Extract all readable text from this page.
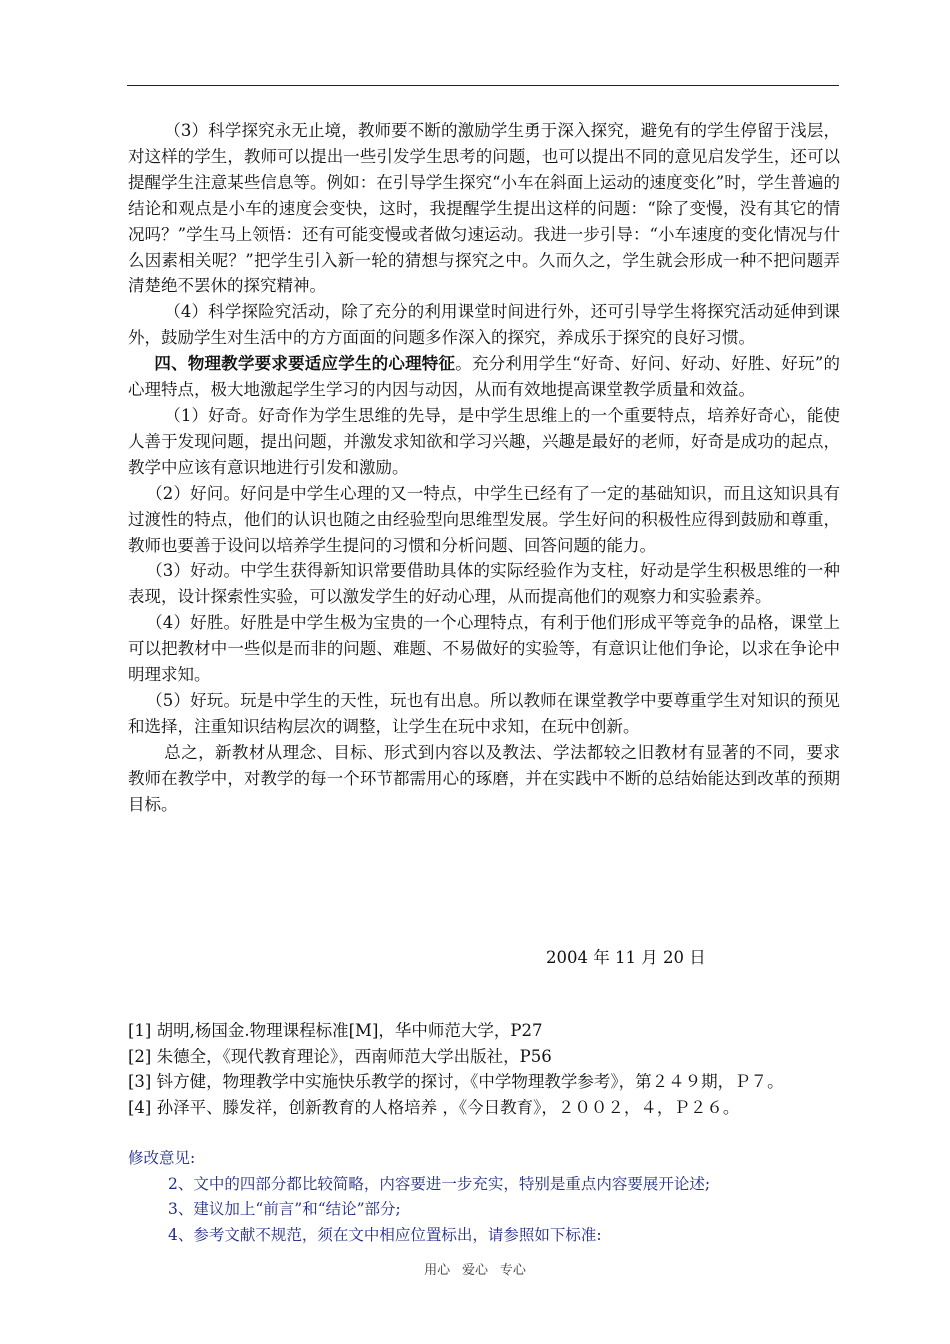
（3）科学探究永无止境，教师要不断的激励学生勇于深入探究，避免有的学生停留于浅层，对这样的学生，教师可以提出一些引发学生思考的问题，也可以提出不同的意见启发学生，还可以提醒学生注意某些信息等。例如：在引导学生探究“小车在斜面上运动的速度变化”时，学生普遍的结论和观点是小车的速度会变快，这时，我提醒学生提出这样的问题：“除了变慢，没有其它的情况吗？”学生马上领悟：还有可能变慢或者做匀速运动。我进一步引导：“小车速度的变化情况与什么因素相关呢？”把学生引入新一轮的猜想与探究之中。久而久之，学生就会形成一种不把问题弄清楚绝不罢休的探究精神。

（4）科学探险究活动，除了充分的利用课堂时间进行外，还可引导学生将探究活动延伸到课外，鼓励学生对生活中的方方面面的问题多作深入的探究，养成乐于探究的良好习惯。

四、物理教学要求要适应学生的心理特征。充分利用学生“好奇、好问、好动、好胜、好玩”的心理特点，极大地激起学生学习的内因与动因，从而有效地提高课堂教学质量和效益。

（1）好奇。好奇作为学生思维的先导，是中学生思维上的一个重要特点，培养好奇心，能使人善于发现问题，提出问题，并激发求知欲和学习兴趣，兴趣是最好的老师，好奇是成功的起点，教学中应该有意识地进行引发和激励。

（2）好问。好问是中学生心理的又一特点，中学生已经有了一定的基础知识，而且这知识具有过渡性的特点，他们的认识也随之由经验型向思维型发展。学生好问的积极性应得到鼓励和尊重，教师也要善于设问以培养学生提问的习惯和分析问题、回答问题的能力。

（3）好动。中学生获得新知识常要借助具体的实际经验作为支柱，好动是学生积极思维的一种表现，设计探索性实验，可以激发学生的好动心理，从而提高他们的观察力和实验素养。

（4）好胜。好胜是中学生极为宝贵的一个心理特点，有利于他们形成平等竞争的品格，课堂上可以把教材中一些似是而非的问题、难题、不易做好的实验等，有意识让他们争论，以求在争论中明理求知。

（5）好玩。玩是中学生的天性，玩也有出息。所以教师在课堂教学中要尊重学生对知识的预见和选择，注重知识结构层次的调整，让学生在玩中求知，在玩中创新。

总之，新教材从理念、目标、形式到内容以及教法、学法都较之旧教材有显著的不同，要求教师在教学中，对教学的每一个环节都需用心的琢磨，并在实践中不断的总结始能达到改革的预期目标。

2004 年 11 月 20 日

[1] 胡明,杨国金.物理课程标准[M]，华中师范大学，P27

[2] 朱德全，《现代教育理论》，西南师范大学出版社，P56

[3] 钭方健，物理教学中实施快乐教学的探讨，《中学物理教学参考》，第２４９期，Ｐ７。

[4] 孙泽平、滕发祥，创新教育的人格培养 ，《今日教育》，２００２，４，Ｐ２６。

修改意见:

2、文中的四部分都比较简略，内容要进一步充实，特别是重点内容要展开论述;

3、建议加上“前言”和“结论”部分;

4、参考文献不规范，须在文中相应位置标出，请参照如下标准:

用心 爱心 专心
